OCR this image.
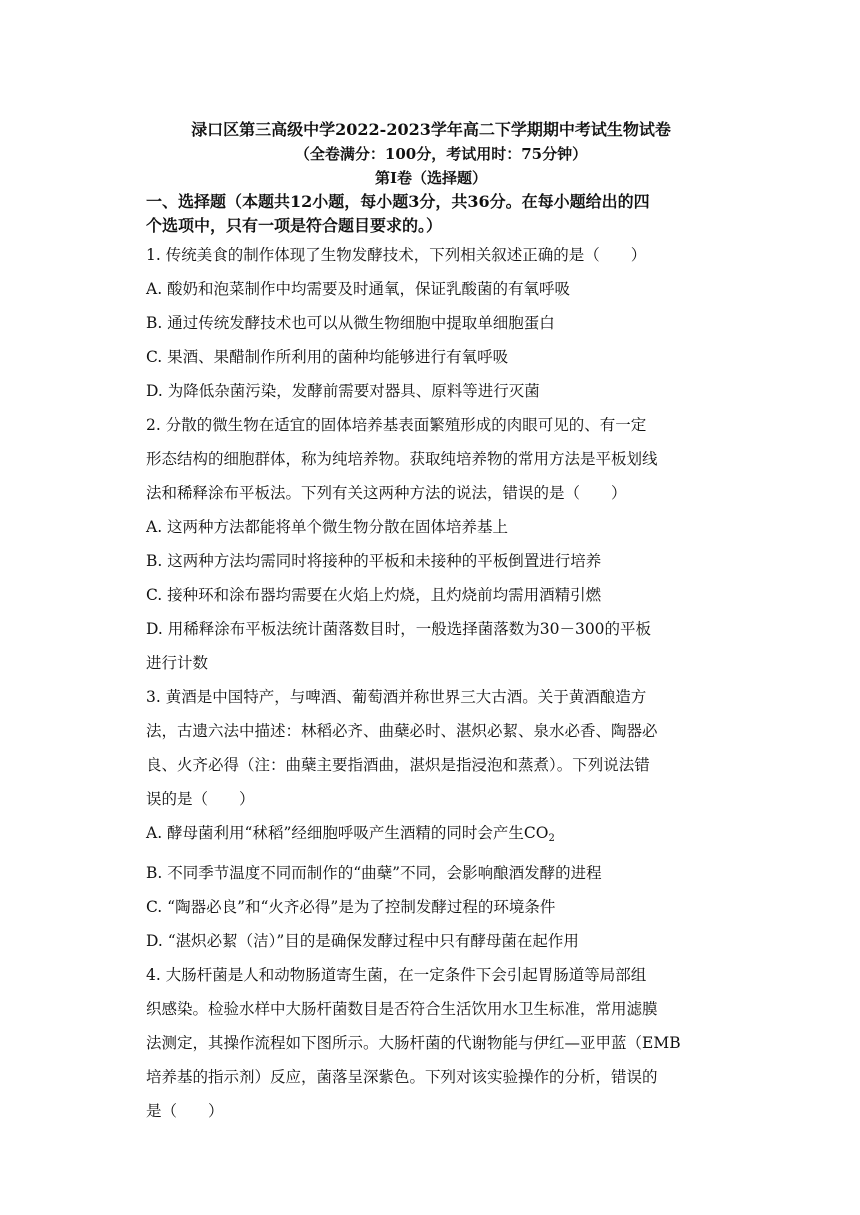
渌口区第三高级中学2022-2023学年高二下学期期中考试生物试卷

（全卷满分：100分，考试用时：75分钟）

第Ⅰ卷（选择题）

一、选择题（本题共12小题，每小题3分，共36分。在每小题给出的四

个选项中，只有一项是符合题目要求的。）

1. 传统美食的制作体现了生物发酵技术，下列相关叙述正确的是（　　）

A. 酸奶和泡菜制作中均需要及时通氧，保证乳酸菌的有氧呼吸

B. 通过传统发酵技术也可以从微生物细胞中提取单细胞蛋白

C. 果酒、果醋制作所利用的菌种均能够进行有氧呼吸

D. 为降低杂菌污染，发酵前需要对器具、原料等进行灭菌

2. 分散的微生物在适宜的固体培养基表面繁殖形成的肉眼可见的、有一定

形态结构的细胞群体，称为纯培养物。获取纯培养物的常用方法是平板划线

法和稀释涂布平板法。下列有关这两种方法的说法，错误的是（　　）

A. 这两种方法都能将单个微生物分散在固体培养基上

B. 这两种方法均需同时将接种的平板和未接种的平板倒置进行培养

C. 接种环和涂布器均需要在火焰上灼烧，且灼烧前均需用酒精引燃

D. 用稀释涂布平板法统计菌落数目时，一般选择菌落数为30－300的平板

进行计数

3. 黄酒是中国特产，与啤酒、葡萄酒并称世界三大古酒。关于黄酒酿造方

法，古遗六法中描述：林稻必齐、曲蘖必时、湛炽必絜、泉水必香、陶器必

良、火齐必得（注：曲蘖主要指酒曲，湛炽是指浸泡和蒸煮）。下列说法错

误的是（　　）

A. 酵母菌利用“秫稻”经细胞呼吸产生酒精的同时会产生$CO_2$

B. 不同季节温度不同而制作的“曲蘖”不同，会影响酿酒发酵的进程

C. “陶器必良”和“火齐必得”是为了控制发酵过程的环境条件

D. “湛炽必絜（洁）”目的是确保发酵过程中只有酵母菌在起作用

4. 大肠杆菌是人和动物肠道寄生菌，在一定条件下会引起胃肠道等局部组

织感染。检验水样中大肠杆菌数目是否符合生活饮用水卫生标准，常用滤膜

法测定，其操作流程如下图所示。大肠杆菌的代谢物能与伊红—亚甲蓝（EMB

培养基的指示剂）反应，菌落呈深紫色。下列对该实验操作的分析，错误的

是（　　）
